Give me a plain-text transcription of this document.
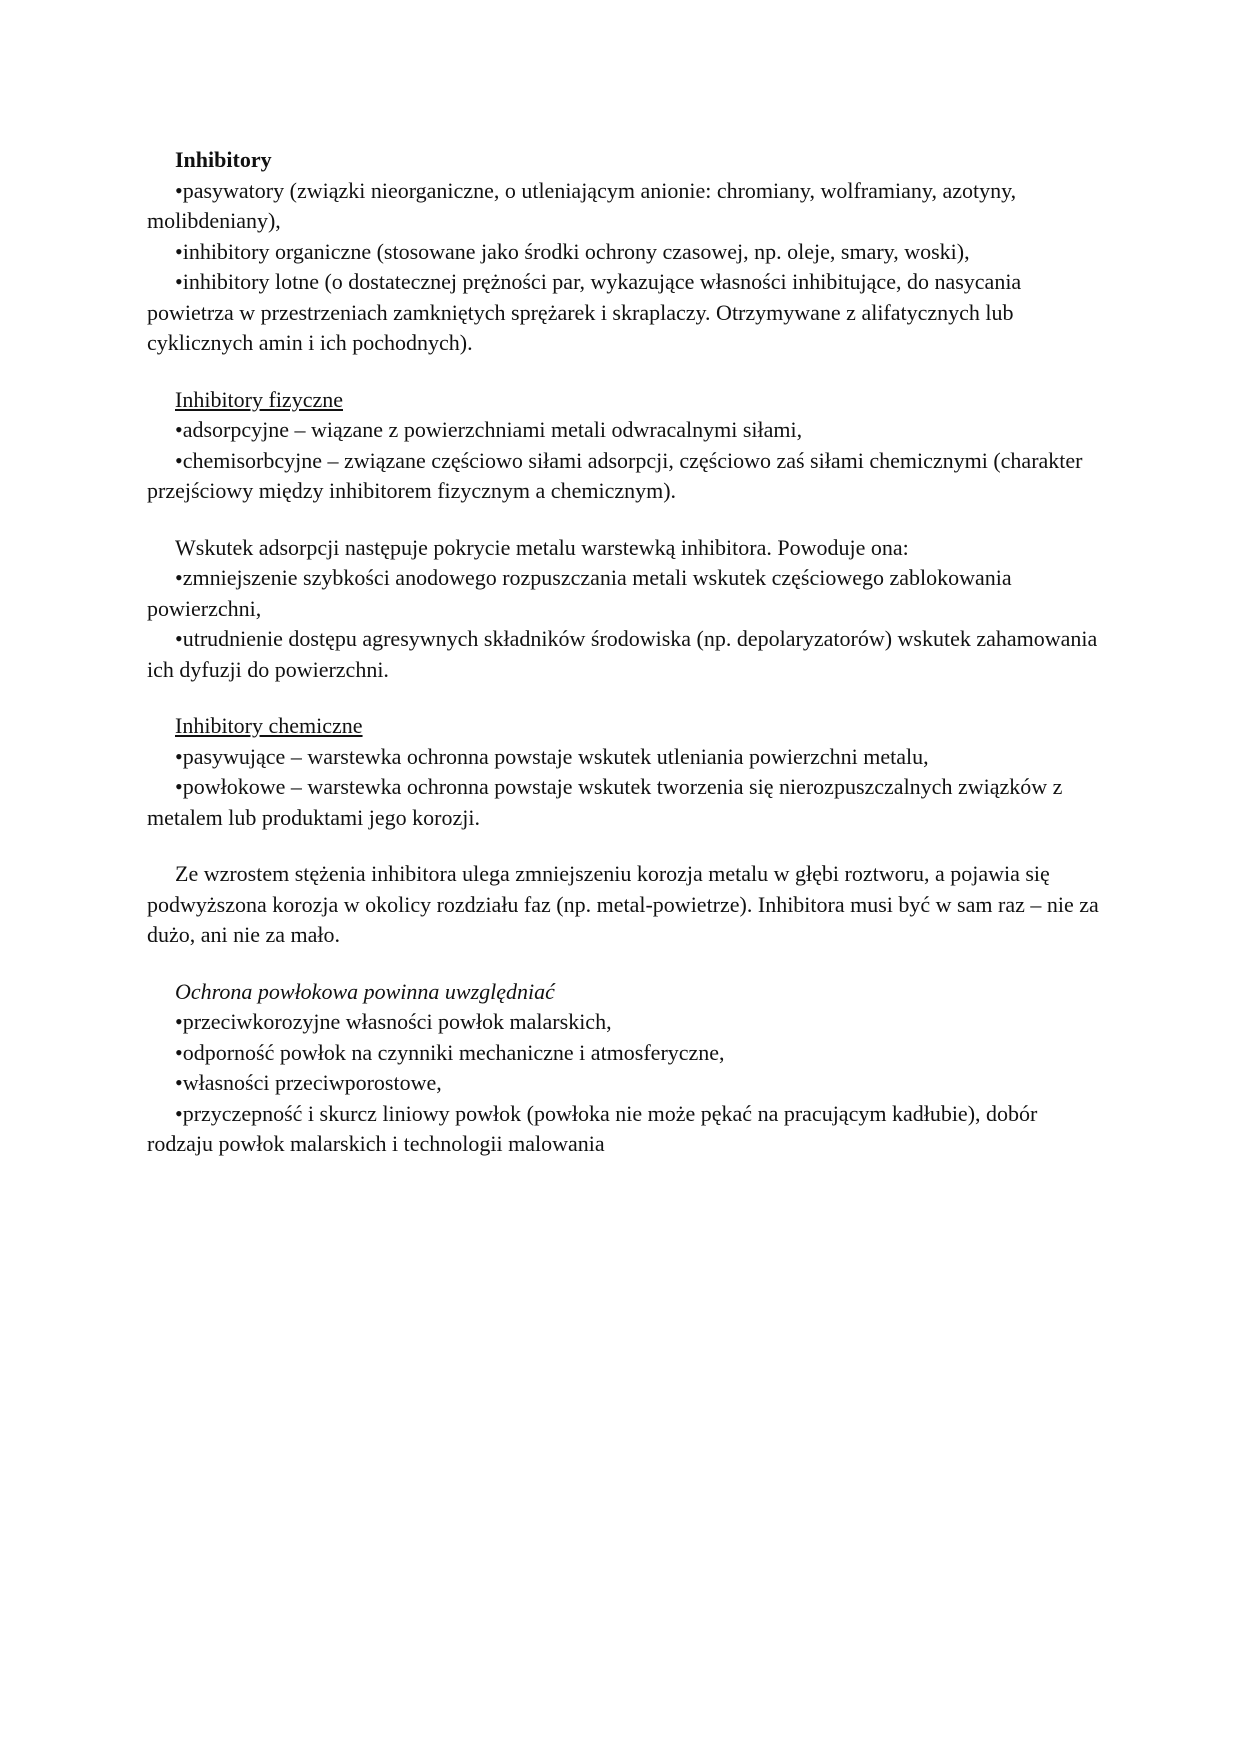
Inhibitory

•pasywatory (związki nieorganiczne, o utleniającym anionie: chromiany, wolframiany, azotyny, molibdeniany),

•inhibitory organiczne (stosowane jako środki ochrony czasowej, np. oleje, smary, woski),

•inhibitory lotne (o dostatecznej prężności par, wykazujące własności inhibitujące, do nasycania powietrza w przestrzeniach zamkniętych sprężarek i skraplaczy. Otrzymywane z alifatycznych lub cyklicznych amin i ich pochodnych).

Inhibitory fizyczne

•adsorpcyjne – wiązane z powierzchniami metali odwracalnymi siłami,

•chemisorbcyjne – związane częściowo siłami adsorpcji, częściowo zaś siłami chemicznymi (charakter przejściowy między inhibitorem fizycznym a chemicznym).

Wskutek adsorpcji następuje pokrycie metalu warstewką inhibitora. Powoduje ona:

•zmniejszenie szybkości anodowego rozpuszczania metali wskutek częściowego zablokowania powierzchni,

•utrudnienie dostępu agresywnych składników środowiska (np. depolaryzatorów) wskutek zahamowania ich dyfuzji do powierzchni.

Inhibitory chemiczne

•pasywujące – warstewka ochronna powstaje wskutek utleniania powierzchni metalu,

•powłokowe – warstewka ochronna powstaje wskutek tworzenia się nierozpuszczalnych związków z metalem lub produktami jego korozji.

Ze wzrostem stężenia inhibitora ulega zmniejszeniu korozja metalu w głębi roztworu, a pojawia się podwyższona korozja w okolicy rozdziału faz (np. metal-powietrze). Inhibitora musi być w sam raz – nie za dużo, ani nie za mało.

Ochrona powłokowa powinna uwzględniać

•przeciwkorozyjne własności powłok malarskich,

•odporność powłok na czynniki mechaniczne i atmosferyczne,

•własności przeciwporostowe,

•przyczepność i skurcz liniowy powłok (powłoka nie może pękać na pracującym kadłubie), dobór rodzaju powłok malarskich i technologii malowania
